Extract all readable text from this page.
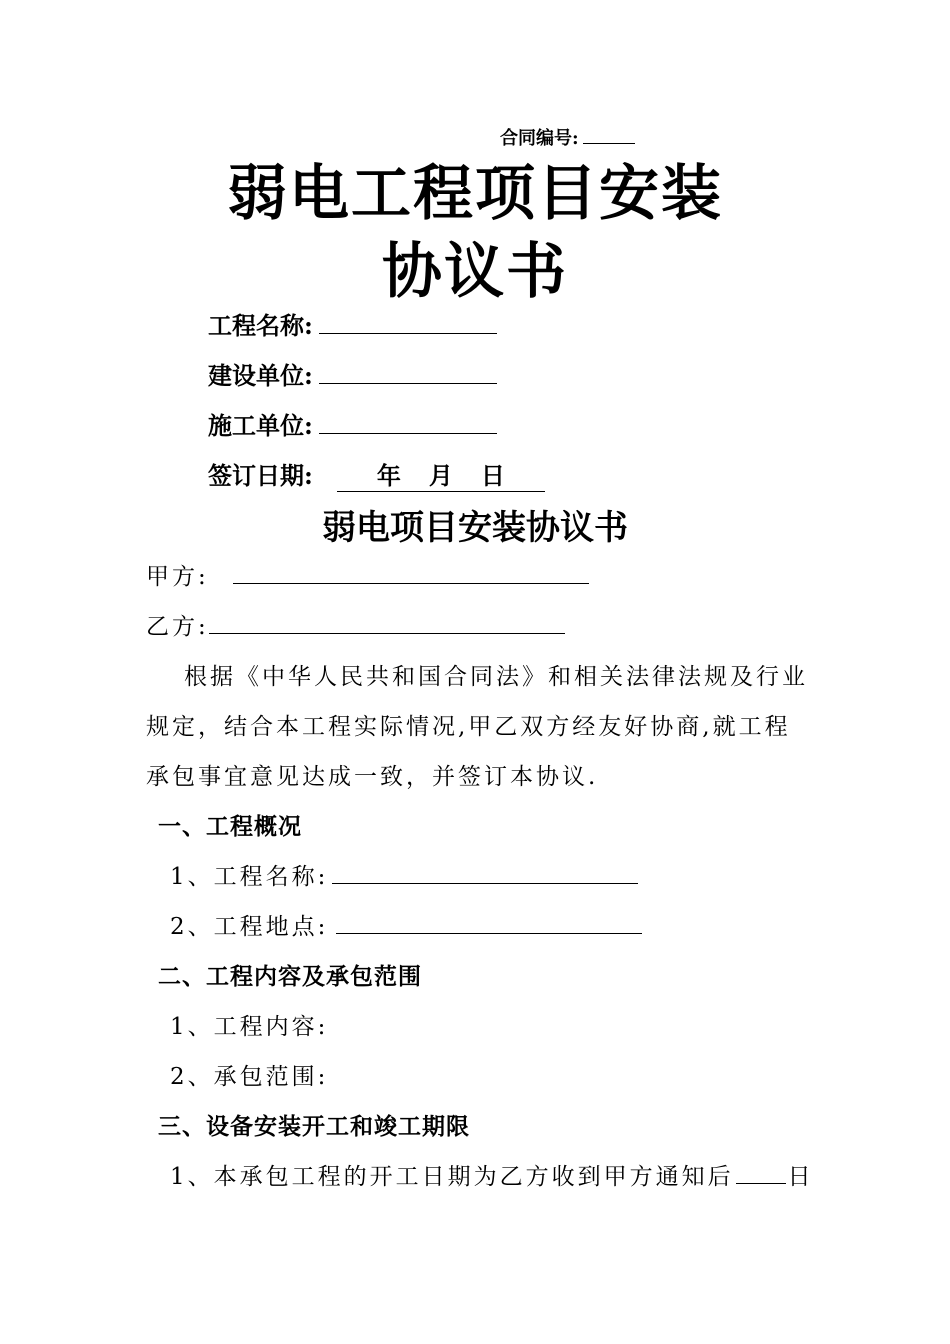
合同编号:
弱电工程项目安装
协议书
工程名称:
建设单位:
施工单位:
签订日期:	年 月 日
弱电项目安装协议书
甲方:
乙方:
根据《中华人民共和国合同法》和相关法律法规及行业
规定，结合本工程实际情况,甲乙双方经友好协商,就工程
承包事宜意见达成一致，并签订本协议.
一、工程概况
1、工程名称:
2、工程地点:
二、工程内容及承包范围
1、工程内容:
2、承包范围:
三、设备安装开工和竣工期限
1、本承包工程的开工日期为乙方收到甲方通知后 日
